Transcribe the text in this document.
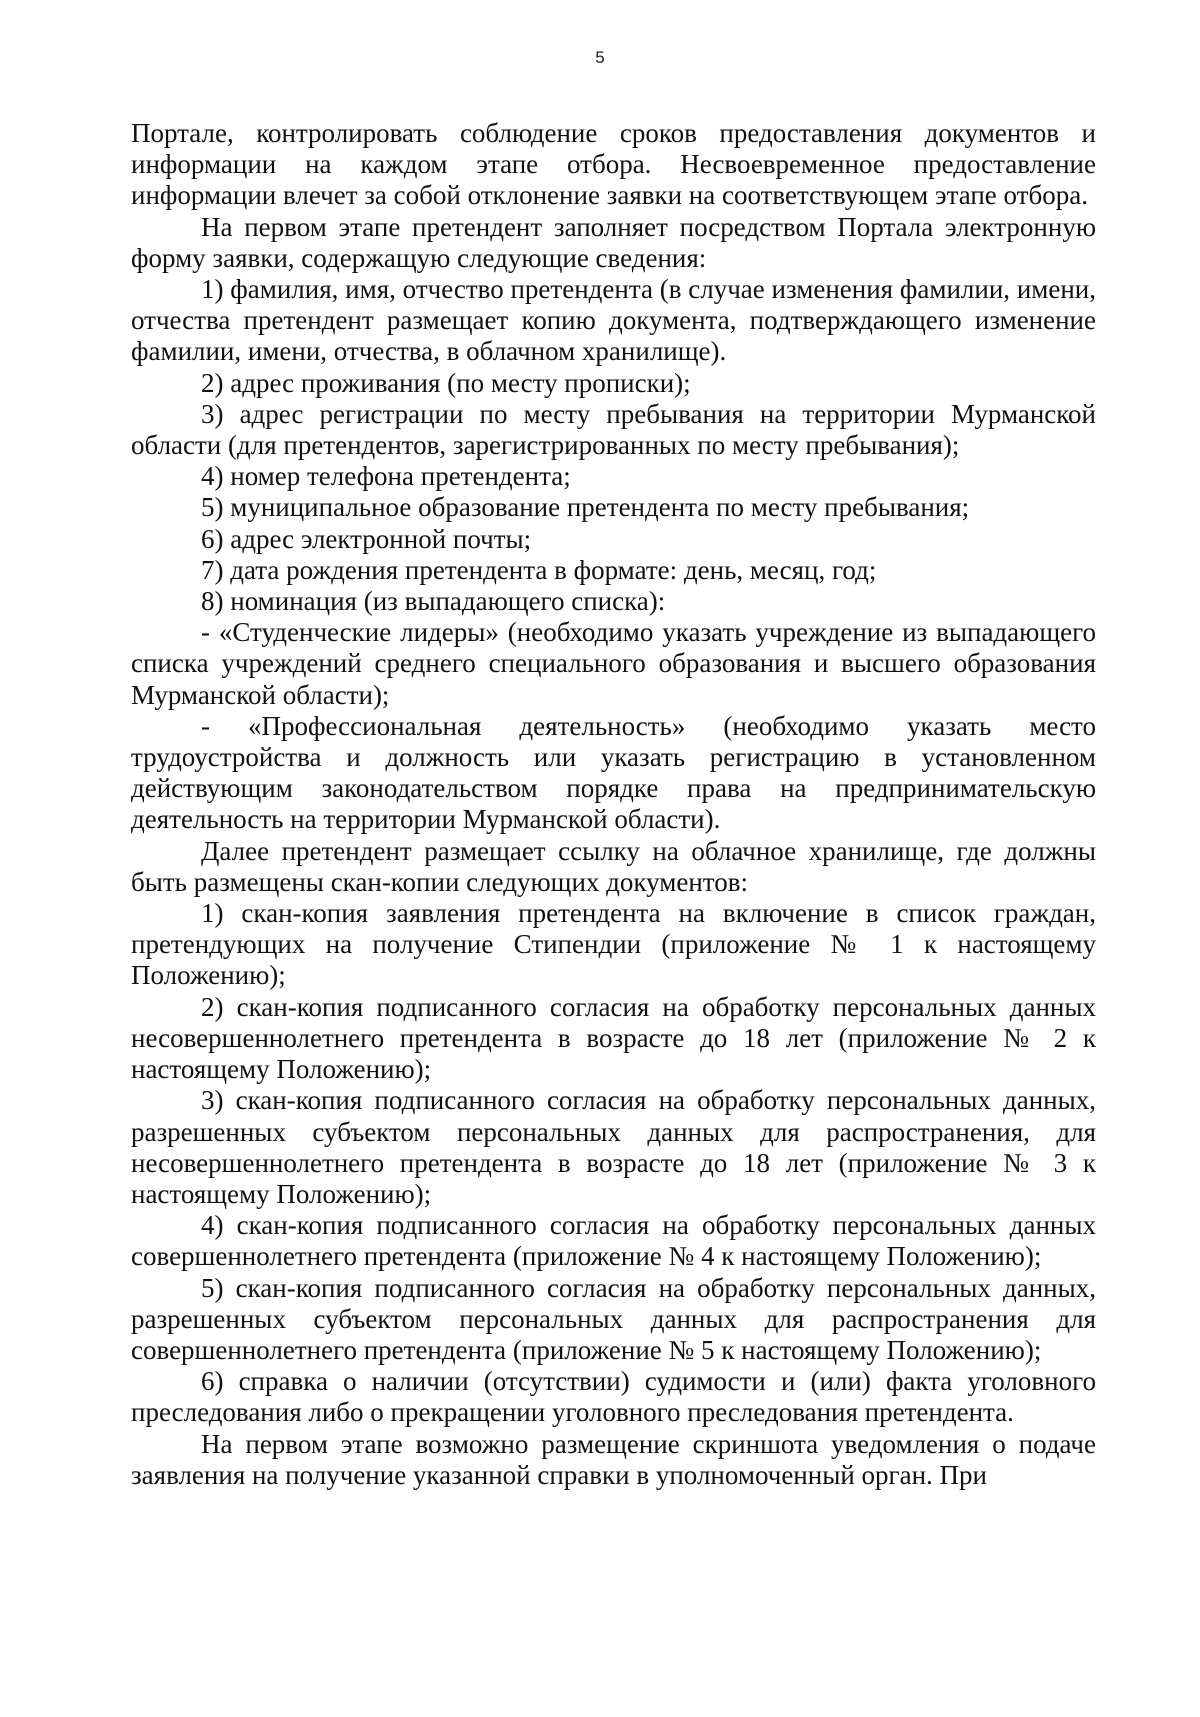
5

Портале, контролировать соблюдение сроков предоставления документов и информации на каждом этапе отбора. Несвоевременное предоставление информации влечет за собой отклонение заявки на соответствующем этапе отбора.

На первом этапе претендент заполняет посредством Портала электронную форму заявки, содержащую следующие сведения:

1) фамилия, имя, отчество претендента (в случае изменения фамилии, имени, отчества претендент размещает копию документа, подтверждающего изменение фамилии, имени, отчества, в облачном хранилище).

2) адрес проживания (по месту прописки);

3) адрес регистрации по месту пребывания на территории Мурманской области (для претендентов, зарегистрированных по месту пребывания);

4) номер телефона претендента;

5) муниципальное образование претендента по месту пребывания;

6) адрес электронной почты;

7) дата рождения претендента в формате: день, месяц, год;

8) номинация (из выпадающего списка):

- «Студенческие лидеры» (необходимо указать учреждение из выпадающего списка учреждений среднего специального образования и высшего образования Мурманской области);

- «Профессиональная деятельность» (необходимо указать место трудоустройства и должность или указать регистрацию в установленном действующим законодательством порядке права на предпринимательскую деятельность на территории Мурманской области).

Далее претендент размещает ссылку на облачное хранилище, где должны быть размещены скан-копии следующих документов:

1) скан-копия заявления претендента на включение в список граждан, претендующих на получение Стипендии (приложение № 1 к настоящему Положению);

2) скан-копия подписанного согласия на обработку персональных данных несовершеннолетнего претендента в возрасте до 18 лет (приложение № 2 к настоящему Положению);

3) скан-копия подписанного согласия на обработку персональных данных, разрешенных субъектом персональных данных для распространения, для несовершеннолетнего претендента в возрасте до 18 лет (приложение № 3 к настоящему Положению);

4) скан-копия подписанного согласия на обработку персональных данных совершеннолетнего претендента (приложение № 4 к настоящему Положению);

5) скан-копия подписанного согласия на обработку персональных данных, разрешенных субъектом персональных данных для распространения для совершеннолетнего претендента (приложение № 5 к настоящему Положению);

6) справка о наличии (отсутствии) судимости и (или) факта уголовного преследования либо о прекращении уголовного преследования претендента.

На первом этапе возможно размещение скриншота уведомления о подаче заявления на получение указанной справки в уполномоченный орган. При
